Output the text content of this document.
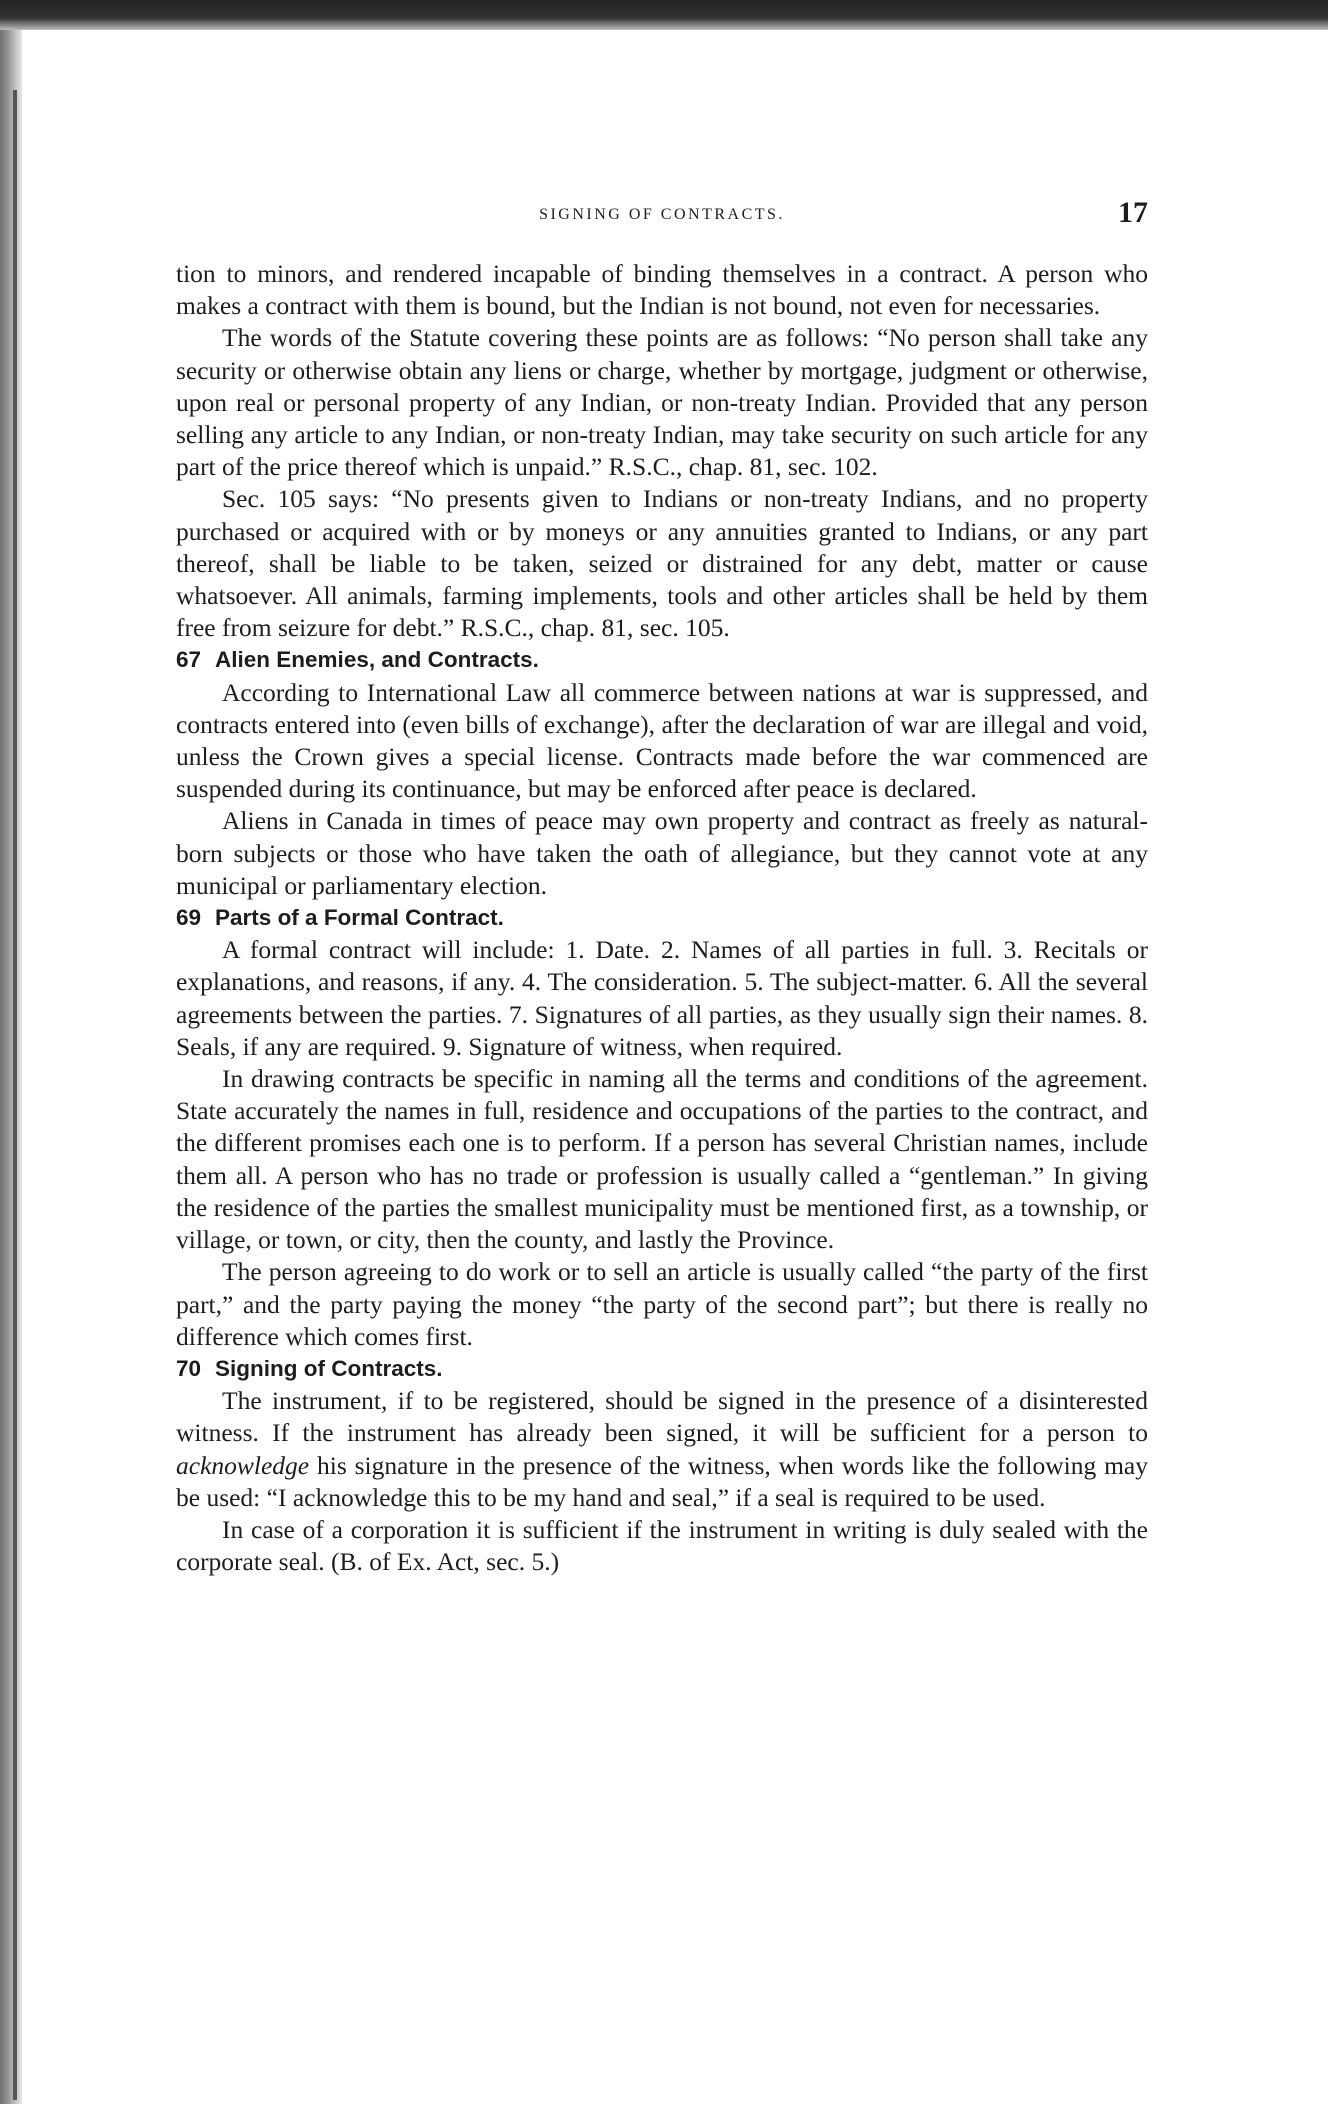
SIGNING OF CONTRACTS.	17

tion to minors, and rendered incapable of binding themselves in a contract. A person who makes a contract with them is bound, but the Indian is not bound, not even for necessaries.

The words of the Statute covering these points are as follows: “No person shall take any security or otherwise obtain any liens or charge, whether by mortgage, judgment or otherwise, upon real or personal property of any Indian, or non-treaty Indian. Provided that any person selling any article to any Indian, or non-treaty Indian, may take security on such article for any part of the price thereof which is unpaid.” R.S.C., chap. 81, sec. 102.

Sec. 105 says: “No presents given to Indians or non-treaty Indians, and no property purchased or acquired with or by moneys or any annuities granted to Indians, or any part thereof, shall be liable to be taken, seized or distrained for any debt, matter or cause whatsoever. All animals, farming implements, tools and other articles shall be held by them free from seizure for debt.” R.S.C., chap. 81, sec. 105.

67 Alien Enemies, and Contracts.

According to International Law all commerce between nations at war is suppressed, and contracts entered into (even bills of exchange), after the declaration of war are illegal and void, unless the Crown gives a special license. Contracts made before the war commenced are suspended during its continuance, but may be enforced after peace is declared.

Aliens in Canada in times of peace may own property and contract as freely as natural-born subjects or those who have taken the oath of allegiance, but they cannot vote at any municipal or parliamentary election.

69 Parts of a Formal Contract.

A formal contract will include: 1. Date. 2. Names of all parties in full. 3. Recitals or explanations, and reasons, if any. 4. The consideration. 5. The subject-matter. 6. All the several agreements between the parties. 7. Signatures of all parties, as they usually sign their names. 8. Seals, if any are required. 9. Signature of witness, when required.

In drawing contracts be specific in naming all the terms and conditions of the agreement. State accurately the names in full, residence and occupations of the parties to the contract, and the different promises each one is to perform. If a person has several Christian names, include them all. A person who has no trade or profession is usually called a “gentleman.” In giving the residence of the parties the smallest municipality must be mentioned first, as a township, or village, or town, or city, then the county, and lastly the Province.

The person agreeing to do work or to sell an article is usually called “the party of the first part,” and the party paying the money “the party of the second part”; but there is really no difference which comes first.

70 Signing of Contracts.

The instrument, if to be registered, should be signed in the presence of a disinterested witness. If the instrument has already been signed, it will be sufficient for a person to acknowledge his signature in the presence of the witness, when words like the following may be used: “I acknowledge this to be my hand and seal,” if a seal is required to be used.

In case of a corporation it is sufficient if the instrument in writing is duly sealed with the corporate seal. (B. of Ex. Act, sec. 5.)
